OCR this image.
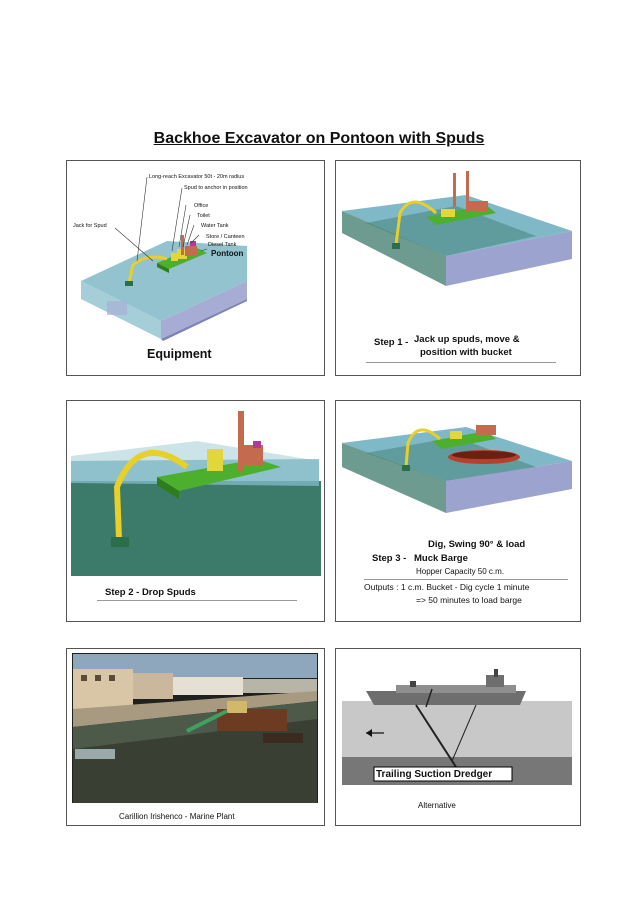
Backhoe Excavator on Pontoon with Spuds
Long-reach Excavator 50t - 20m radius
Spud to anchor in position
Office
Toilet
Water Tank
Store / Canteen
Diesel Tank
Pontoon
Jack for Spud
Equipment
Step 1 - Jack up spuds, move &
position with bucket
Step 2 - Drop Spuds
Dig, Swing 90° & load
Step 3 - Muck Barge
Hopper Capacity 50 c.m.
Outputs : 1 c.m. Bucket - Dig cycle 1 minute
=> 50 minutes to load barge
Carillion Irishenco - Marine Plant
Trailing Suction Dredger
Alternative
